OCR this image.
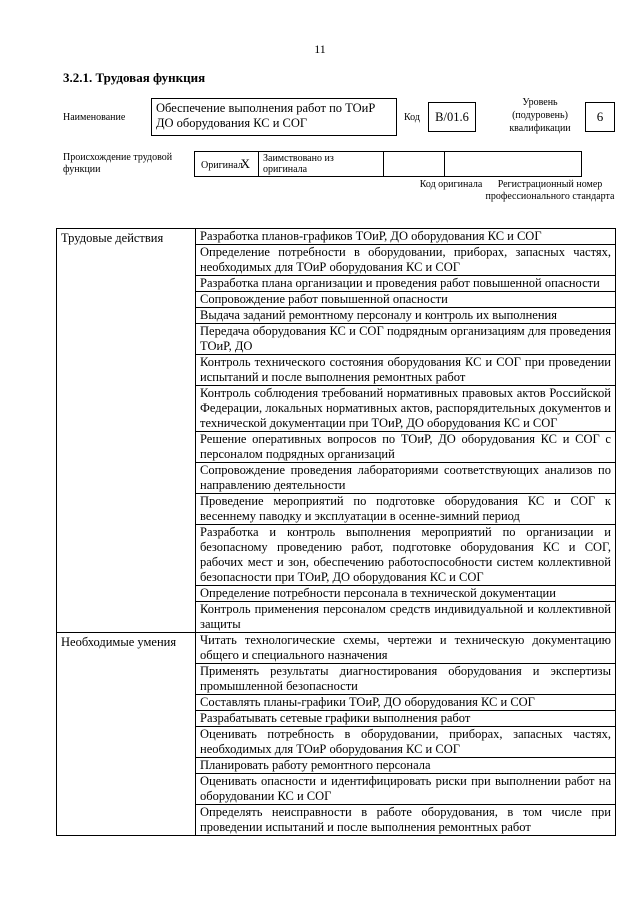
11
3.2.1. Трудовая функция
Наименование
Обеспечение выполнения работ по ТОиР ДО оборудования КС и СОГ	Код	В/01.6
Уровень (подуровень) квалификации
6
Происхождение трудовой функции	Оригинал
X	Заимствовано из оригинала
Код оригинала	Регистрационный номер профессионального стандарта
Трудовые действия	Разработка планов-графиков ТОиР, ДО оборудования КС и СОГ
	Определение потребности в оборудовании, приборах, запасных частях, необходимых для ТОиР оборудования КС и СОГ
	Разработка плана организации и проведения работ повышенной опасности
	Сопровождение работ повышенной опасности
	Выдача заданий ремонтному персоналу и контроль их выполнения
	Передача оборудования КС и СОГ подрядным организациям для проведения ТОиР, ДО
	Контроль технического состояния оборудования КС и СОГ при проведении испытаний и после выполнения ремонтных работ
	Контроль соблюдения требований нормативных правовых актов Российской Федерации, локальных нормативных актов, распорядительных документов и технической документации при ТОиР, ДО оборудования КС и СОГ
	Решение оперативных вопросов по ТОиР, ДО оборудования КС и СОГ с персоналом подрядных организаций
	Сопровождение проведения лабораториями соответствующих анализов по направлению деятельности
	Проведение мероприятий по подготовке оборудования КС и СОГ к весеннему паводку и эксплуатации в осенне-зимний период
	Разработка и контроль выполнения мероприятий по организации и безопасному проведению работ, подготовке оборудования КС и СОГ, рабочих мест и зон, обеспечению работоспособности систем коллективной безопасности при ТОиР, ДО оборудования КС и СОГ
	Определение потребности персонала в технической документации
	Контроль применения персоналом средств индивидуальной и коллективной защиты
Необходимые умения	Читать технологические схемы, чертежи и техническую документацию общего и специального назначения
	Применять результаты диагностирования оборудования и экспертизы промышленной безопасности
	Составлять планы-графики ТОиР, ДО оборудования КС и СОГ
	Разрабатывать сетевые графики выполнения работ
	Оценивать потребность в оборудовании, приборах, запасных частях, необходимых для ТОиР оборудования КС и СОГ
	Планировать работу ремонтного персонала
	Оценивать опасности и идентифицировать риски при выполнении работ на оборудовании КС и СОГ
	Определять неисправности в работе оборудования, в том числе при проведении испытаний и после выполнения ремонтных работ
